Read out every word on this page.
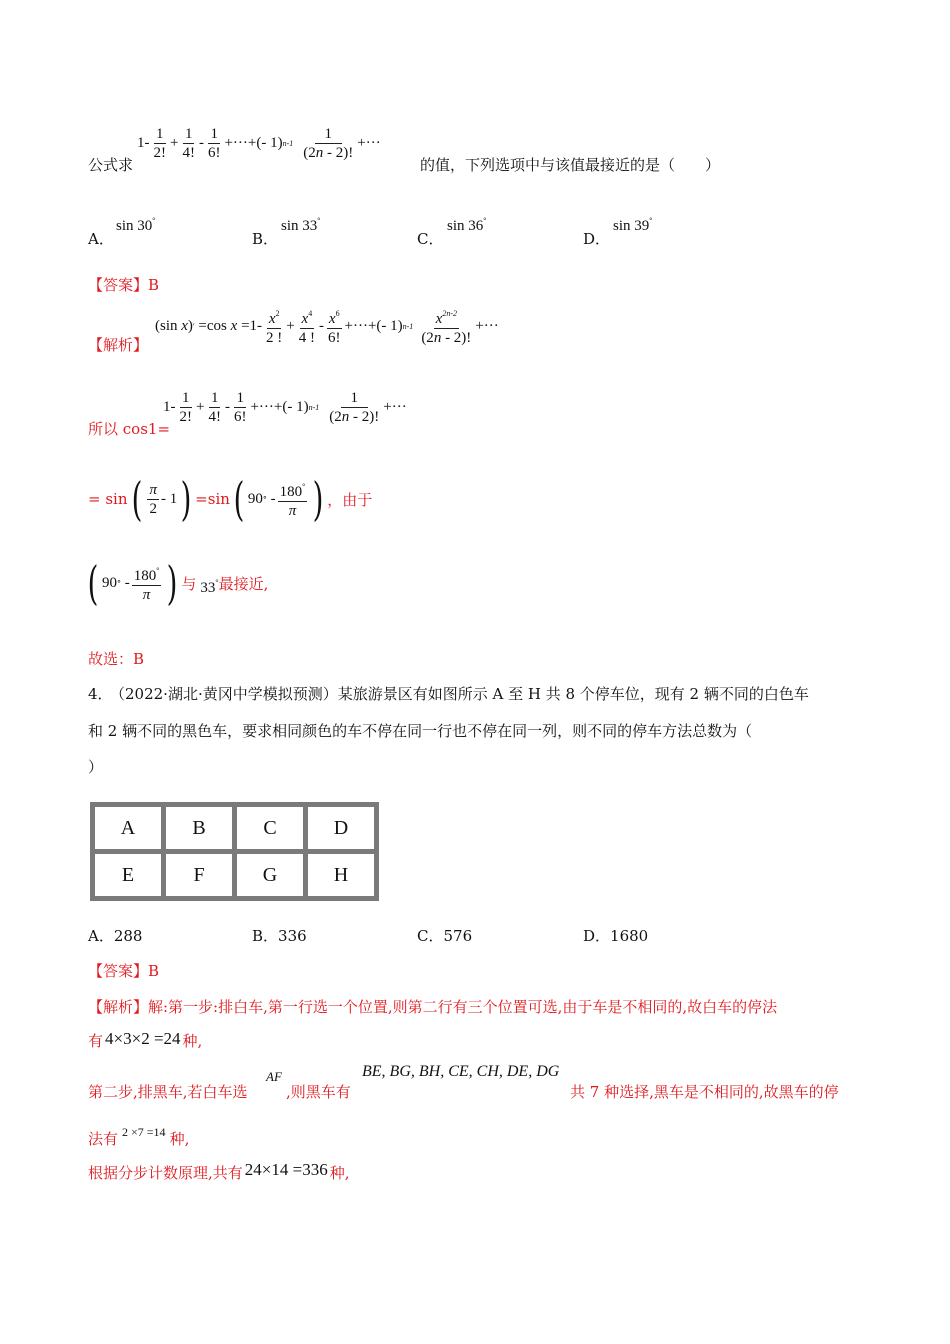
公式求
$1- \frac{1}{2!} + \frac{1}{4!} - \frac{1}{6!}$ +···+ (- 1) $n-1 \frac{1}{(2n - 2)!}$ +···
的值，下列选项中与该值最接近的是（　　）
A．
sin 30°
B．
sin 33°
C．
sin 36°
D．
sin 39°
【答案】B
【解析】
(sin x) ′ =cos $x =1- \frac{x^2}{2 !} + \frac{x^4}{4 !} - \frac{x^6}{6!}$ +···+(- 1) $n-1 \frac{x^{2n-2}}{(2n - 2)!}$ +···
所以 cos1=
$1- \frac{1}{2!} + \frac{1}{4!} - \frac{1}{6!}$ +···+(- 1) $n-1 \frac{1}{(2n - 2)!}$ +···
= sin ( $\frac{\pi}{2} - 1$ ) =sin ( 90 ° - $\frac{180^\circ}{\pi}$ ) ，由于
( 90 ° - $\frac{180^\circ}{\pi}$ ) 与 33° 最接近,
故选：B
4．
（2022·湖北·黄冈中学模拟预测）某旅游景区有如图所示 A 至 H 共 8 个停车位，现有 2 辆不同的白色车
和 2 辆不同的黑色车，要求相同颜色的车不停在同一行也不停在同一列，则不同的停车方法总数为（
）
A	B	C	D
E	F	G	H
A．288	B．336	C．576	D．1680
【答案】B
【解析】解:第一步:排白车,第一行选一个位置,则第二行有三个位置可选,由于车是不相同的,故白车的停法
有 4×3×2 =24 种,
第二步,排黑车,若白车选
AF
,则黑车有
BE, BG, BH, CE, CH, DE, DG
共 7 种选择,黑车是不相同的,故黑车的停
法有 2 ×7 =14 种,
根据分步计数原理,共有 24×14 =336 种,
